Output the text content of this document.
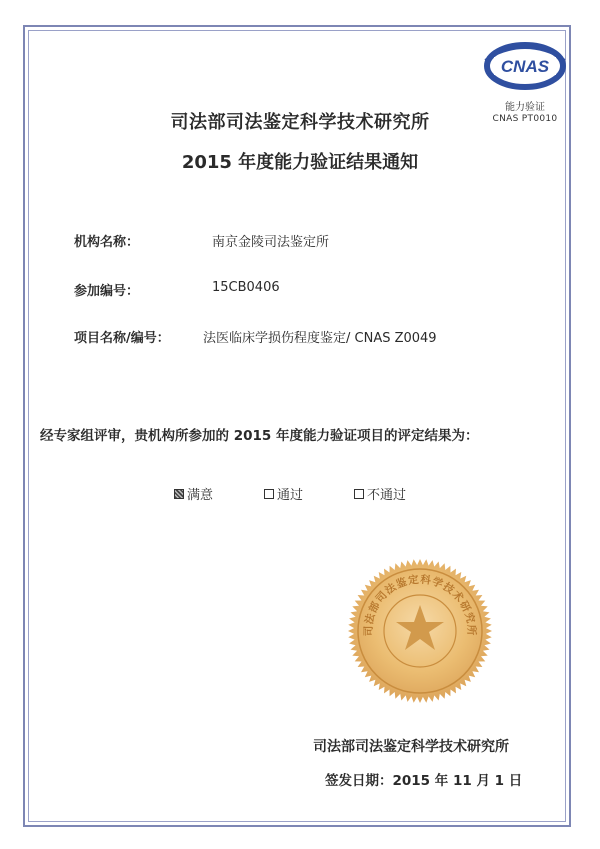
CNAS
能力验证
CNAS PT0010
司法部司法鉴定科学技术研究所
2015 年度能力验证结果通知
机构名称：	南京金陵司法鉴定所
参加编号：	15CB0406
项目名称/编号：	法医临床学损伤程度鉴定/ CNAS Z0049
经专家组评审，贵机构所参加的 2015 年度能力验证项目的评定结果为：
满意	通过	不通过
司法部司法鉴定科学技术研究所
司法部司法鉴定科学技术研究所
签发日期：2015 年 11 月 1 日
